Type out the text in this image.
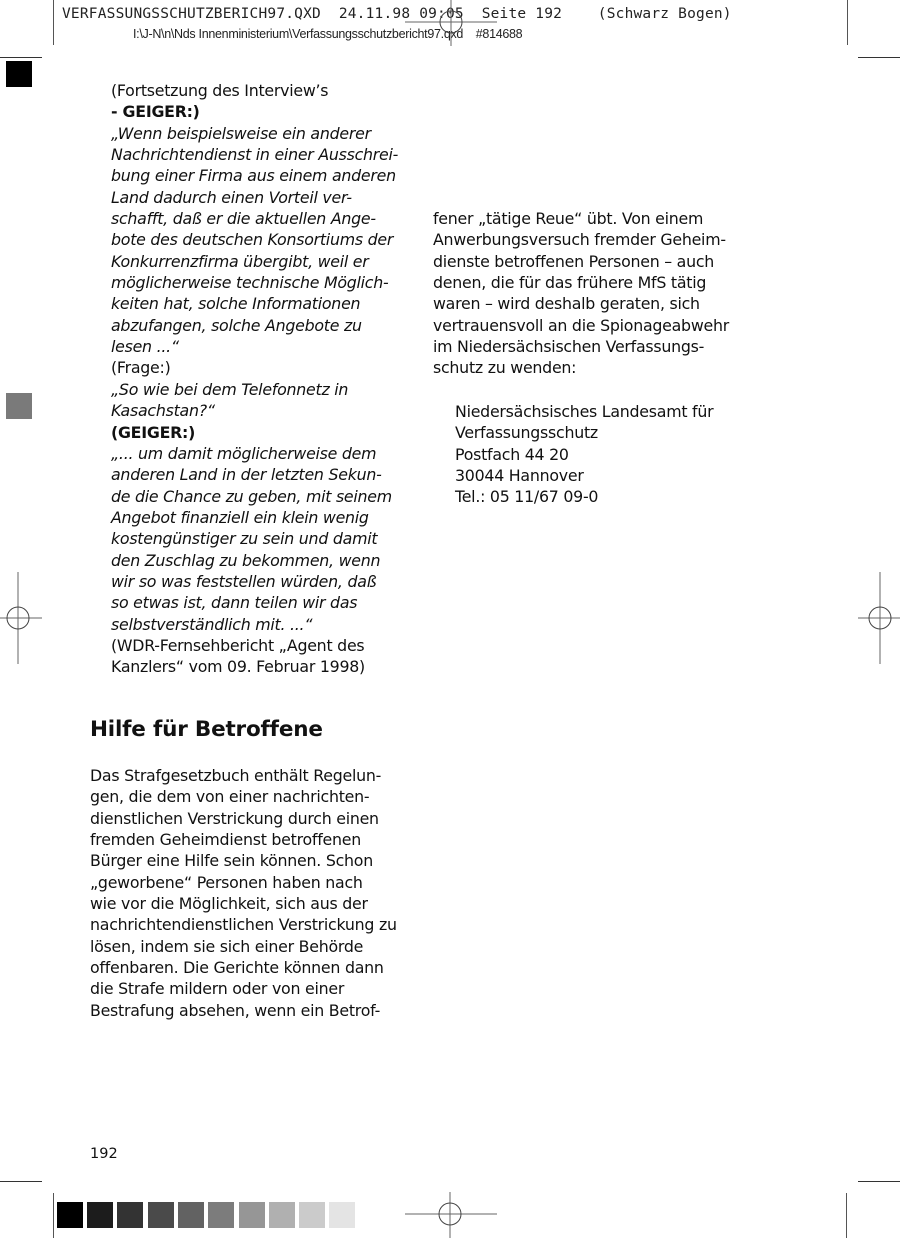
VERFASSUNGSSCHUTZBERICH97.QXD  24.11.98 09:05  Seite 192    (Schwarz Bogen)
I:\J-N\n\Nds Innenministerium\Verfassungsschutzbericht97.qxd    #814688
(Fortsetzung des Interview’s
- GEIGER:)
„Wenn beispielsweise ein anderer
Nachrichtendienst in einer Ausschrei-
bung einer Firma aus einem anderen
Land dadurch einen Vorteil ver-
schafft, daß er die aktuellen Ange-
bote des deutschen Konsortiums der
Konkurrenzfirma übergibt, weil er
möglicherweise technische Möglich-
keiten hat, solche Informationen
abzufangen, solche Angebote zu
lesen ...“
(Frage:)
„So wie bei dem Telefonnetz in
Kasachstan?“
(GEIGER:)
„... um damit möglicherweise dem
anderen Land in der letzten Sekun-
de die Chance zu geben, mit seinem
Angebot finanziell ein klein wenig
kostengünstiger zu sein und damit
den Zuschlag zu bekommen, wenn
wir so was feststellen würden, daß
so etwas ist, dann teilen wir das
selbstverständlich mit. ...“
(WDR-Fernsehbericht „Agent des
Kanzlers“ vom 09. Februar 1998)
Hilfe für Betroffene
Das Strafgesetzbuch enthält Regelun-
gen, die dem von einer nachrichten-
dienstlichen Verstrickung durch einen
fremden Geheimdienst betroffenen
Bürger eine Hilfe sein können. Schon
„geworbene“ Personen haben nach
wie vor die Möglichkeit, sich aus der
nachrichtendienstlichen Verstrickung zu
lösen, indem sie sich einer Behörde
offenbaren. Die Gerichte können dann
die Strafe mildern oder von einer
Bestrafung absehen, wenn ein Betrof-
fener „tätige Reue“ übt. Von einem
Anwerbungsversuch fremder Geheim-
dienste betroffenen Personen – auch
denen, die für das frühere MfS tätig
waren – wird deshalb geraten, sich
vertrauensvoll an die Spionageabwehr
im Niedersächsischen Verfassungs-
schutz zu wenden:
Niedersächsisches Landesamt für
Verfassungsschutz
Postfach 44 20
30044 Hannover
Tel.: 05 11/67 09-0
192
